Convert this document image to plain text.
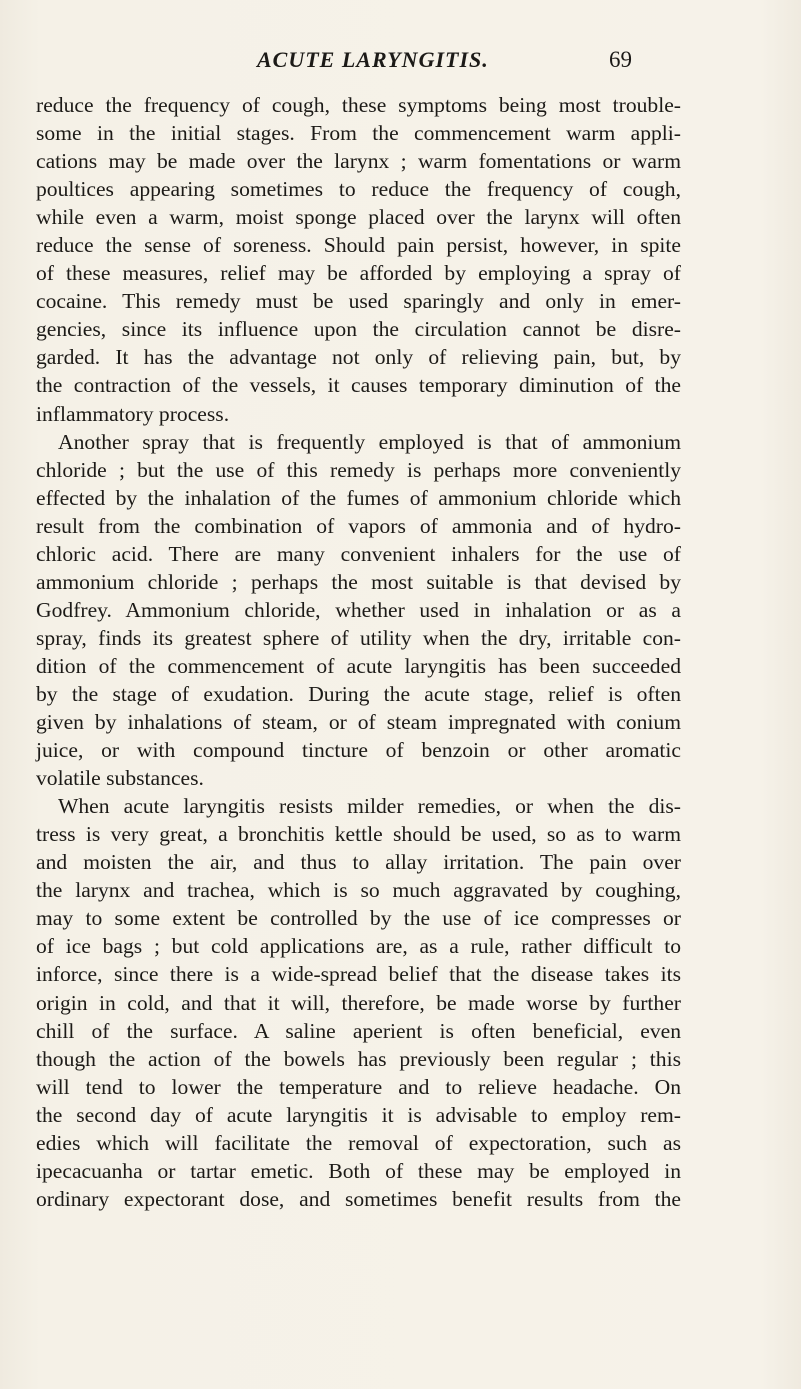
ACUTE LARYNGITIS.	69
reduce the frequency of cough, these symptoms being most trouble-
some in the initial stages. From the commencement warm appli-
cations may be made over the larynx ; warm fomentations or warm
poultices appearing sometimes to reduce the frequency of cough,
while even a warm, moist sponge placed over the larynx will often
reduce the sense of soreness. Should pain persist, however, in spite
of these measures, relief may be afforded by employing a spray of
cocaine. This remedy must be used sparingly and only in emer-
gencies, since its influence upon the circulation cannot be disre-
garded. It has the advantage not only of relieving pain, but, by
the contraction of the vessels, it causes temporary diminution of the
inflammatory process.
Another spray that is frequently employed is that of ammonium
chloride ; but the use of this remedy is perhaps more conveniently
effected by the inhalation of the fumes of ammonium chloride which
result from the combination of vapors of ammonia and of hydro-
chloric acid. There are many convenient inhalers for the use of
ammonium chloride ; perhaps the most suitable is that devised by
Godfrey. Ammonium chloride, whether used in inhalation or as a
spray, finds its greatest sphere of utility when the dry, irritable con-
dition of the commencement of acute laryngitis has been succeeded
by the stage of exudation. During the acute stage, relief is often
given by inhalations of steam, or of steam impregnated with conium
juice, or with compound tincture of benzoin or other aromatic
volatile substances.
When acute laryngitis resists milder remedies, or when the dis-
tress is very great, a bronchitis kettle should be used, so as to warm
and moisten the air, and thus to allay irritation. The pain over
the larynx and trachea, which is so much aggravated by coughing,
may to some extent be controlled by the use of ice compresses or
of ice bags ; but cold applications are, as a rule, rather difficult to
inforce, since there is a wide-spread belief that the disease takes its
origin in cold, and that it will, therefore, be made worse by further
chill of the surface. A saline aperient is often beneficial, even
though the action of the bowels has previously been regular ; this
will tend to lower the temperature and to relieve headache. On
the second day of acute laryngitis it is advisable to employ rem-
edies which will facilitate the removal of expectoration, such as
ipecacuanha or tartar emetic. Both of these may be employed in
ordinary expectorant dose, and sometimes benefit results from the
